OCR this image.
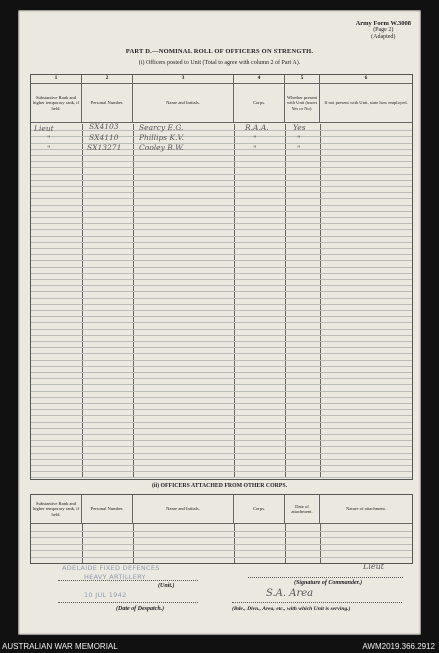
Army Form W.3008
(Page 2)
(Adapted)
PART D.—NOMINAL ROLL OF OFFICERS ON STRENGTH.
(i) Officers posted to Unit (Total to agree with column 2 of Part A).
1	2	3	4	5	6
Substantive Rank and higher temporary rank, if held.
Personal Number.	Name and Initials.	Corps.
Whether present with Unit (insert Yes or No).
If not present with Unit, state how employed.
Lieut	SX4103	Searcy E.G.	R.A.A.	Yes
"	SX4110	Phillips K.V.	"	"
"	SX13271 Cooley B.W.	"	"
(ii) OFFICERS ATTACHED FROM OTHER CORPS.
Substantive Rank and higher temporary rank, if held.
Personal Number.	Name and Initials.	Corps.
Date of attachment.
Nature of attachment.
ADELAIDE FIXED DEFENCES
HEAVY ARTILLERY
10 JUL 1942
(Unit.)
Lieut
(Signature of Commander.)
(Date of Despatch.)
S.A. Area
(Bde., Divn., Area, etc., with which Unit is serving.)
AUSTRALIAN WAR MEMORIAL	AWM2019.366.2912
